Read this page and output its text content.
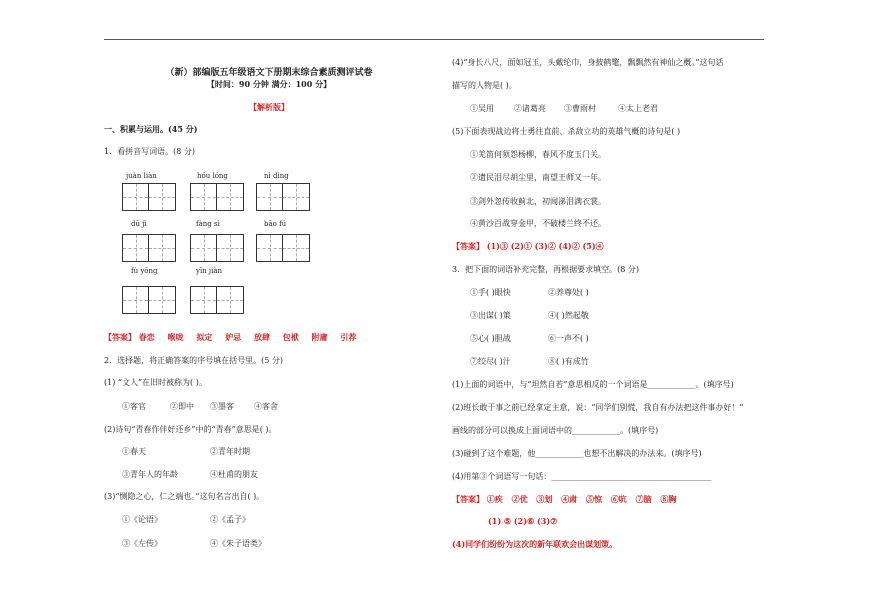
（新）部编版五年级语文下册期末综合素质测评试卷
【时间：90 分钟 满分：100 分】
【解析版】
一、积累与运用。(45 分)
1．看拼音写词语。(8 分)
juàn liàn	hóu lóng	nì dìng
dū jì	fàng sì	bāo fú
fù yōng	yīn jiàn
【答案】 眷恋 喉咙 拟定 妒忌 放肆 包袱 附庸 引荐
2．选择题，将正确答案的序号填在括号里。(5 分)
(1) “文人”在旧时被称为( )。
①客官	②即中 ③墨客	④客舍
(2)诗句“青春作伴好还乡”中的“青春”意思是( )。
①春天	②青年时期
③青年人的年龄	④杜甫的朋友
(3)“恻隐之心，仁之端也。”这句名言出自( )。
①《论语》	②《孟子》
③《左传》	④《朱子语类》
(4)“身长八尺，面如冠玉，头戴纶巾，身披鹤氅，飘飘然有神仙之概。”这句话
描写的人物是( )。
①吴用	②诸葛亮 ③曹雨村	④太上老君
(5)下面表现战边将士勇往直前、杀敌立功的英雄气概的诗句是( )
①羌笛何须怨杨柳，春风不度玉门关。
②遗民泪尽胡尘里，南望王师又一年。
③剑外忽传收蓟北，初闻涕泪满衣裳。
④黄沙百战穿金甲，不破楼兰终不还。
【答案】 (1)③ (2)① (3)② (4)② (5)④
3．把下面的词语补充完整，再根据要求填空。(8 分)
①手( )眼快	②养尊处( )
③出谋( )策	④( )然起敬
⑤心( )胆战	⑥一声不( )
⑦绞尽( )汁	⑧( )有成竹
(1)上面的词语中，与“坦然自若”意思相反的一个词语是____________。(填序号)
(2)班长敢于事之前已经拿定主意，说：“同学们别慌，我自有办法把这件事办好！”
画线的部分可以换成上面词语中的____________。(填序号)
(3)碰到了这个难题，他____________也想不出解决的办法来。(填序号)
(4)用第③个词语写一句话：________________________________________
【答案】 ①疾 ②优 ③划 ④肃 ⑤惊 ⑥吭 ⑦脑 ⑧胸
(1) ⑤ (2)⑥ (3)⑦
(4)同学们纷纷为这次的新年联欢会出谋划策。
